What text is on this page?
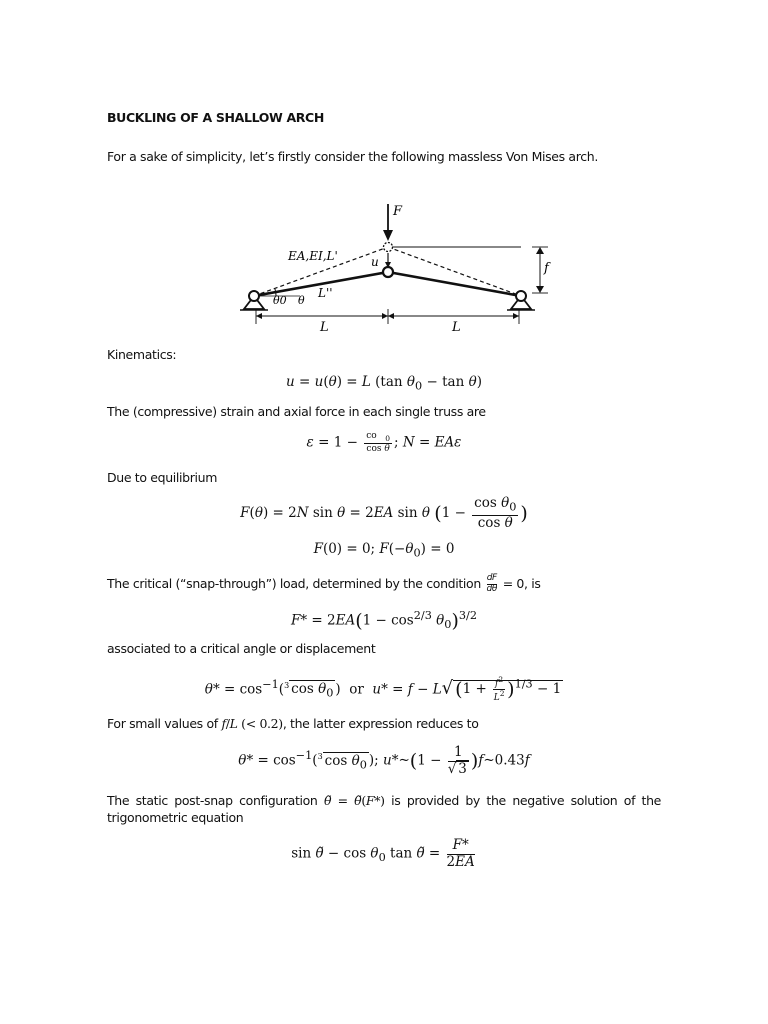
BUCKLING OF A SHALLOW ARCH
For a sake of simplicity, let’s firstly consider the following massless Von Mises arch.
F
EA,EI,L'	u	f
θ0 θ
L''
L	L
Kinematics:
u = u(θ) = L (tan $\theta_0 - \tan \theta$)
The (compressive) strain and axial force in each single truss are
$\varepsilon = 1 - \frac{co _0}{\text{cos θ}}$ ; N = EAε
Due to equilibrium
F(θ) = 2N sin θ = 2EA sin θ ($1 - \frac{\cos \theta_0}{\text{cos θ}}$ )
F(0) = 0; $F(-\theta_0) = 0$
The critical (“snap-through”) load, determined by the condition $\frac{dF}{d\theta} = 0$, is
$F* = 2EA(1 - \cos^{2/3} \theta_0)^{3/2}$
associated to a critical angle or displacement
$\theta* = \cos^{-1}(^3$ $\cos \theta_0$ )  or  u* = f − L√ $(1 + \frac{f^2}{L^2} )^{1/3} - 1$
For small values of f/L (< 0.2), the latter expression reduces to
$\theta* = \cos^{-1}(^3$ $\cos \theta_0$ ); u*~(1 − $\frac{1}{√ 3}$ )f~0.43f
The static post-snap configuration θ̃ = θ̃(F*) is provided by the negative solution of the trigonometric equation
sin θ̃ − $\cos \theta_0$ tan θ̃ = $\frac{F*}{2EA}$
